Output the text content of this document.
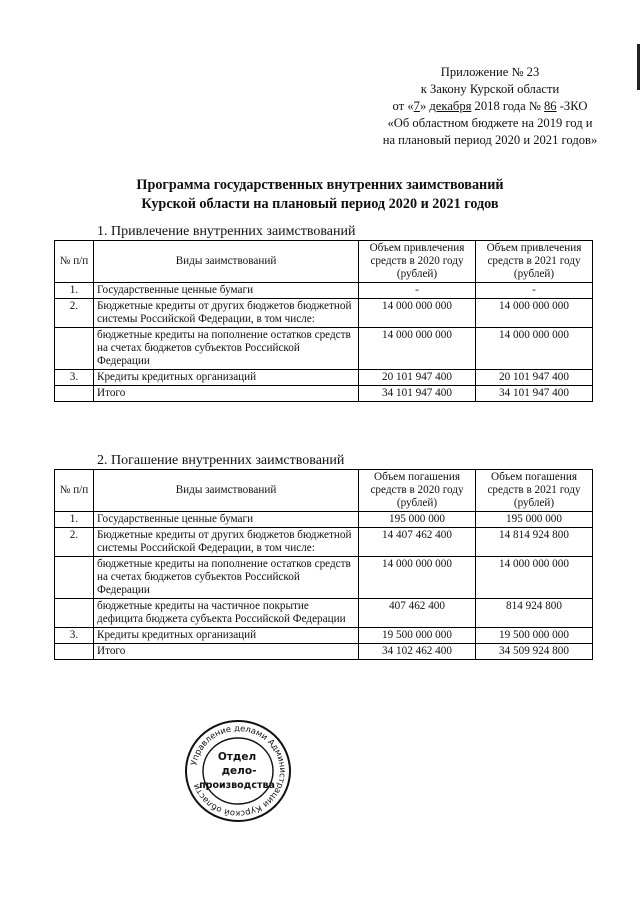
Приложение № 23
к Закону Курской области
от «7» декабря 2018 года № 86 -ЗКО
«Об областном бюджете на 2019 год и
на плановый период 2020 и 2021 годов»
Программа государственных внутренних заимствований
Курской области на плановый период 2020 и 2021 годов
1. Привлечение внутренних заимствований
№ п/п	Виды заимствований	Объем привлечения средств в 2020 году (рублей)	Объем привлечения средств в 2021 году (рублей)
1.	Государственные ценные бумаги	-	-
2.	Бюджетные кредиты от других бюджетов бюджетной системы Российской Федерации, в том числе:	14 000 000 000	14 000 000 000
	бюджетные кредиты на пополнение остатков средств на счетах бюджетов субъектов Российской Федерации	14 000 000 000	14 000 000 000
3.	Кредиты кредитных организаций	20 101 947 400	20 101 947 400
	Итого	34 101 947 400	34 101 947 400
2. Погашение внутренних заимствований
№ п/п	Виды заимствований	Объем погашения средств в 2020 году (рублей)	Объем погашения средств в 2021 году (рублей)
1.	Государственные ценные бумаги	195 000 000	195 000 000
2.	Бюджетные кредиты от других бюджетов бюджетной системы Российской Федерации, в том числе:	14 407 462 400	14 814 924 800
	бюджетные кредиты на пополнение остатков средств на счетах бюджетов субъектов Российской Федерации	14 000 000 000	14 000 000 000
	бюджетные кредиты на частичное покрытие дефицита бюджета субъекта Российской Федерации	407 462 400	814 924 800
3.	Кредиты кредитных организаций	19 500 000 000	19 500 000 000
	Итого	34 102 462 400	34 509 924 800
Управление делами Администрации Курской области
Отдел
дело-
производства
